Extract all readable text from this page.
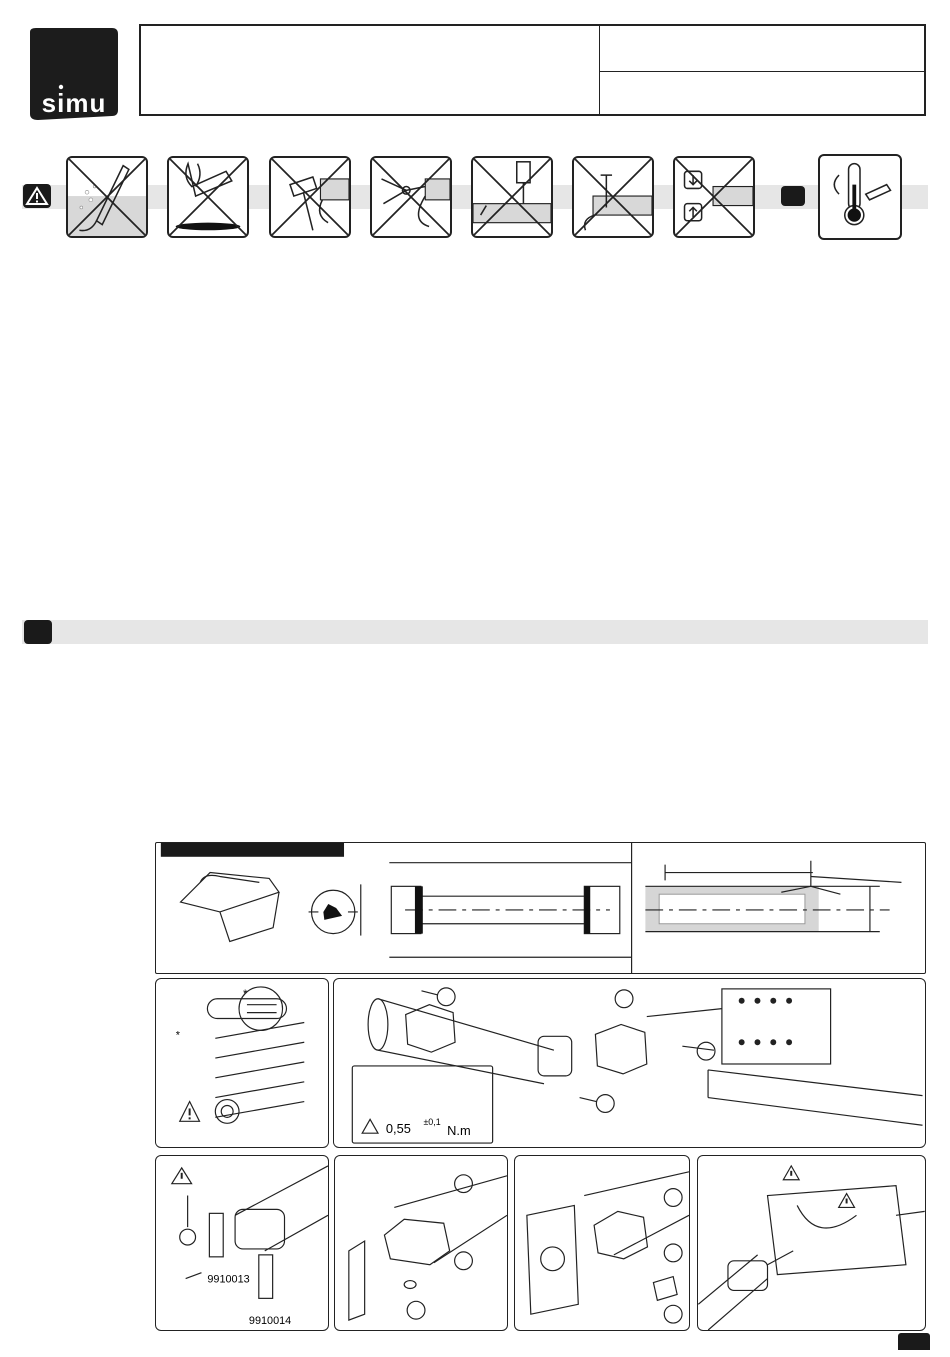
simu
*
*
0,55 ±0,1
N.m
9910013
9910014
